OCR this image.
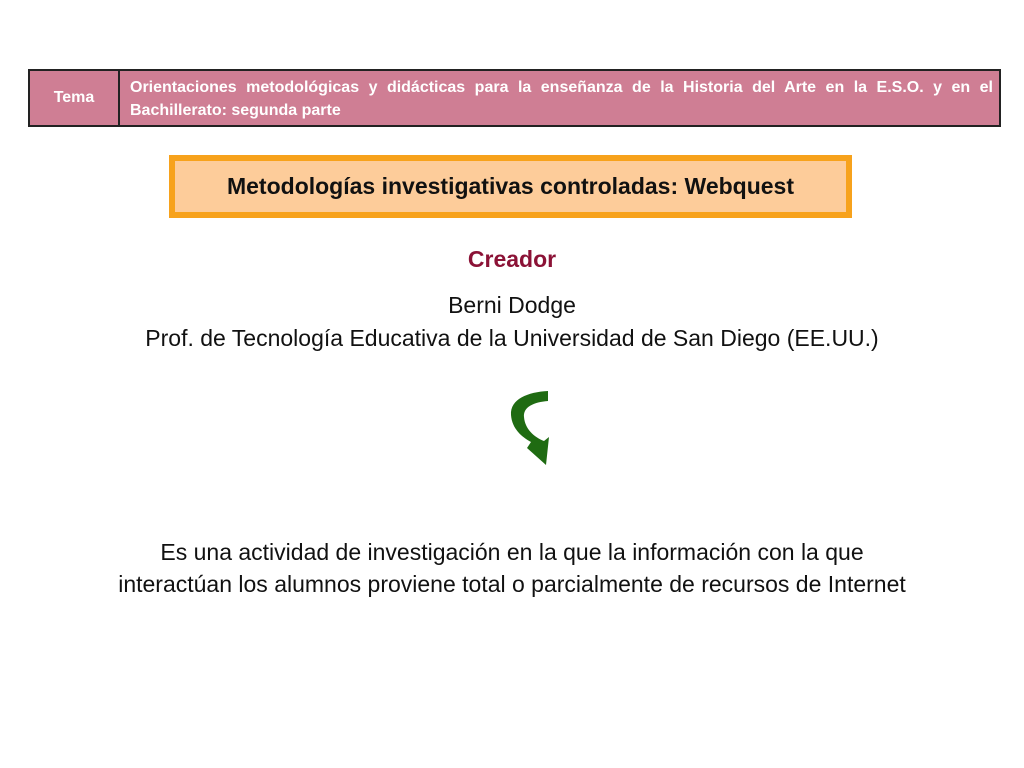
Tema
Orientaciones metodológicas y didácticas para la enseñanza de la Historia del Arte en la E.S.O. y en el Bachillerato: segunda parte
Metodologías investigativas controladas: Webquest
Creador
Berni Dodge
Prof. de Tecnología Educativa de la Universidad de San Diego (EE.UU.)
Es una actividad de investigación en la que la información con la que
interactúan los alumnos proviene total o parcialmente de recursos de Internet
